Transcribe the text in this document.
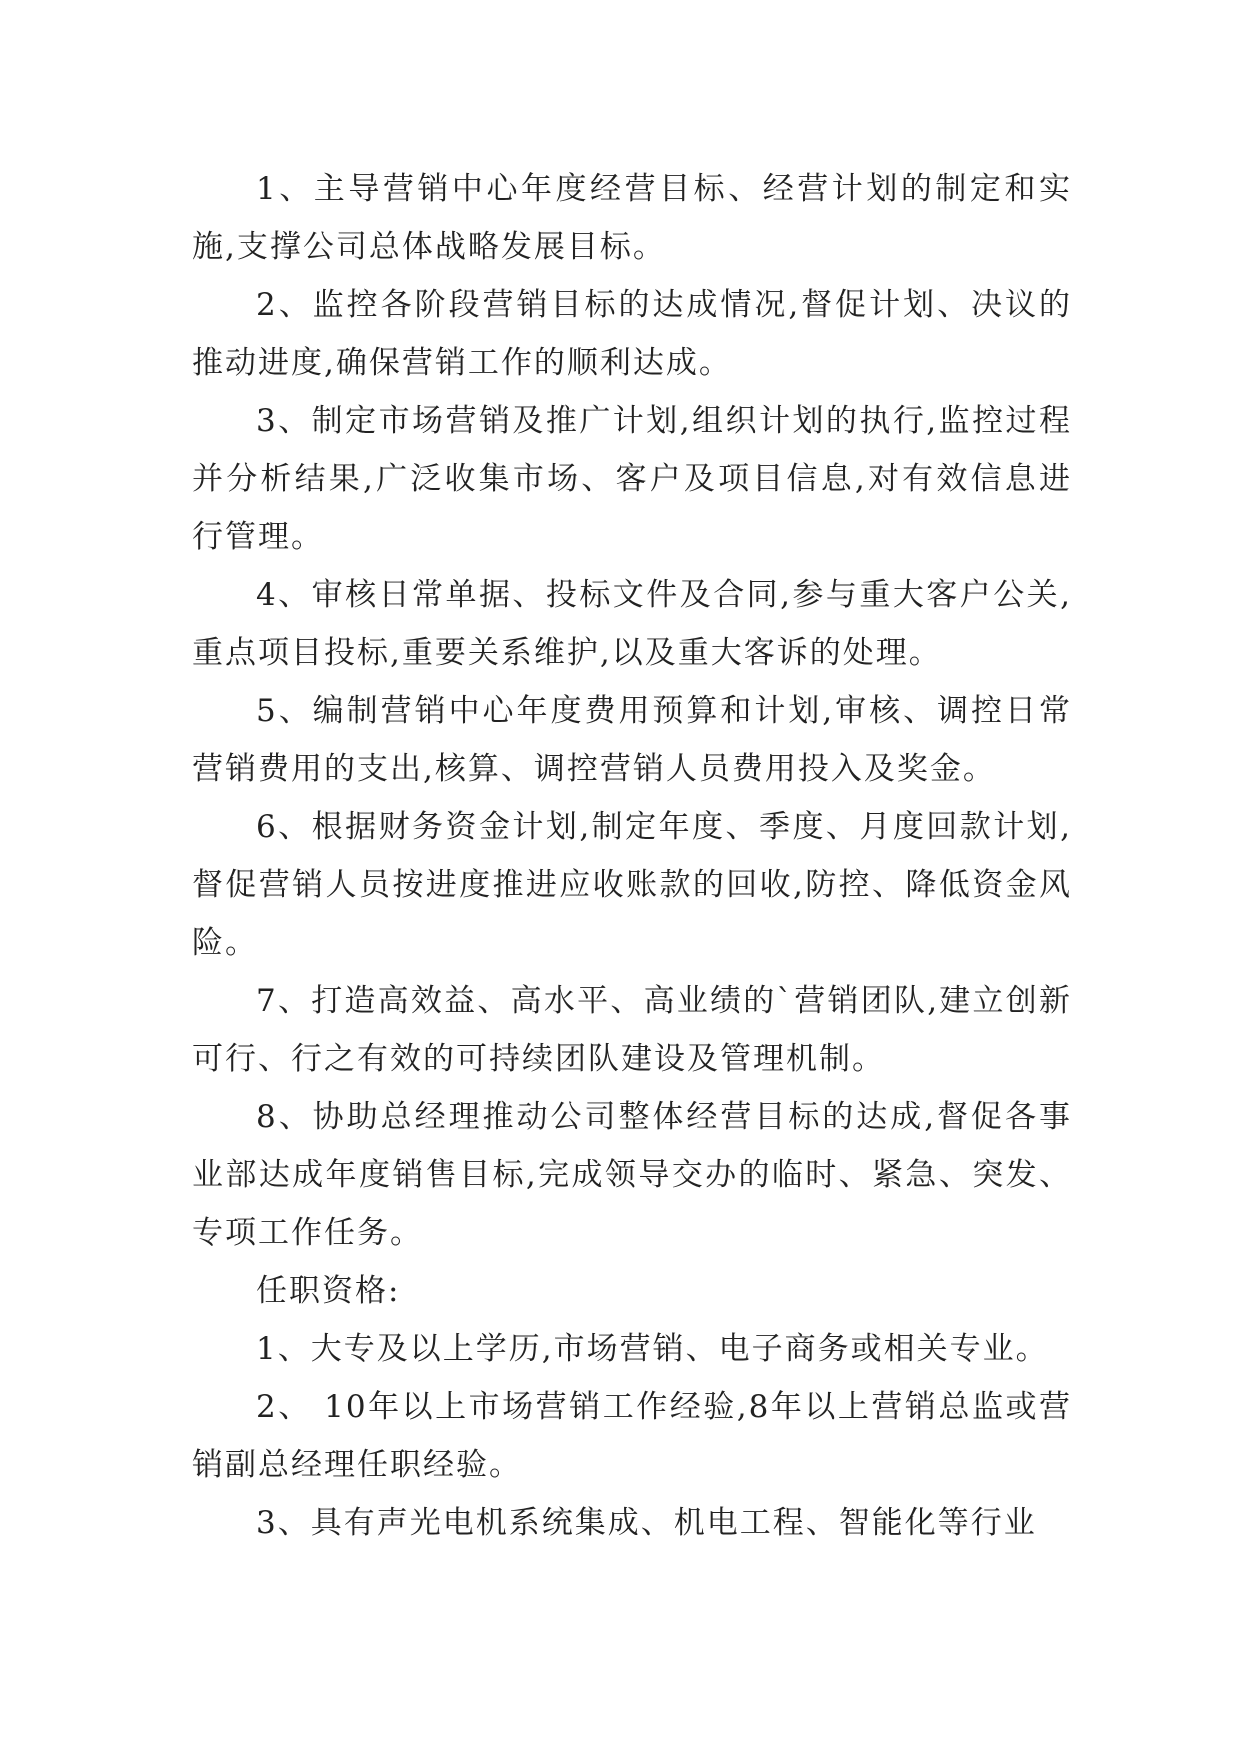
1、主导营销中心年度经营目标、经营计划的制定和实施,支撑公司总体战略发展目标。

2、监控各阶段营销目标的达成情况,督促计划、决议的推动进度,确保营销工作的顺利达成。

3、制定市场营销及推广计划,组织计划的执行,监控过程并分析结果,广泛收集市场、客户及项目信息,对有效信息进行管理。

4、审核日常单据、投标文件及合同,参与重大客户公关,重点项目投标,重要关系维护,以及重大客诉的处理。

5、编制营销中心年度费用预算和计划,审核、调控日常营销费用的支出,核算、调控营销人员费用投入及奖金。

6、根据财务资金计划,制定年度、季度、月度回款计划,督促营销人员按进度推进应收账款的回收,防控、降低资金风险。

7、打造高效益、高水平、高业绩的`营销团队,建立创新可行、行之有效的可持续团队建设及管理机制。

8、协助总经理推动公司整体经营目标的达成,督促各事业部达成年度销售目标,完成领导交办的临时、紧急、突发、专项工作任务。

任职资格:

1、大专及以上学历,市场营销、电子商务或相关专业。

2、 10年以上市场营销工作经验,8年以上营销总监或营销副总经理任职经验。

3、具有声光电机系统集成、机电工程、智能化等行业
